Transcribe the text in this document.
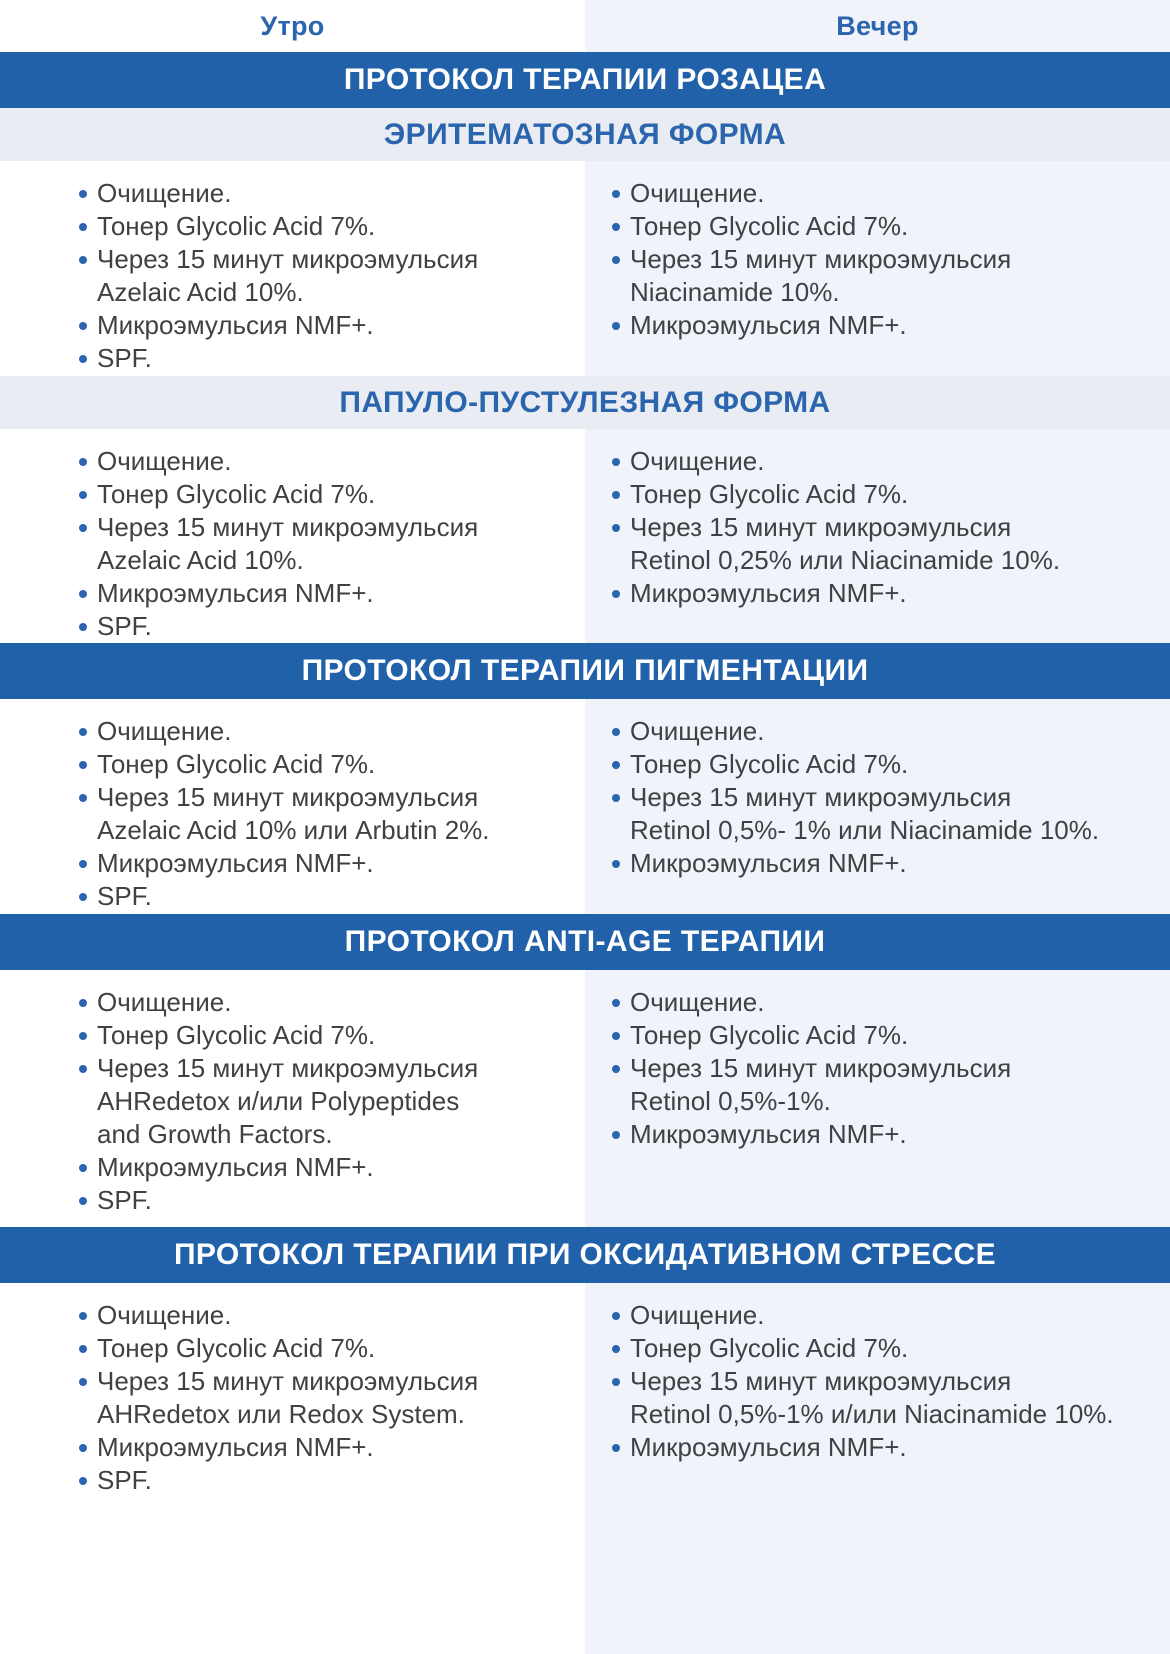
Утро	Вечер
ПРОТОКОЛ ТЕРАПИИ РОЗАЦЕА
ЭРИТЕМАТОЗНАЯ ФОРМА
Очищение.
Тонер Glycolic Acid 7%.
Через 15 минут микроэмульсия
Azelaic Acid 10%.
Микроэмульсия NMF+.
SPF.
Очищение.
Тонер Glycolic Acid 7%.
Через 15 минут микроэмульсия
Niacinamide 10%.
Микроэмульсия NMF+.
ПАПУЛО-ПУСТУЛЕЗНАЯ ФОРМА
Очищение.
Тонер Glycolic Acid 7%.
Через 15 минут микроэмульсия
Azelaic Acid 10%.
Микроэмульсия NMF+.
SPF.
Очищение.
Тонер Glycolic Acid 7%.
Через 15 минут микроэмульсия
Retinol 0,25% или Niacinamide 10%.
Микроэмульсия NMF+.
ПРОТОКОЛ ТЕРАПИИ ПИГМЕНТАЦИИ
Очищение.
Тонер Glycolic Acid 7%.
Через 15 минут микроэмульсия
Azelaic Acid 10% или Arbutin 2%.
Микроэмульсия NMF+.
SPF.
Очищение.
Тонер Glycolic Acid 7%.
Через 15 минут микроэмульсия
Retinol 0,5%- 1% или Niacinamide 10%.
Микроэмульсия NMF+.
ПРОТОКОЛ ANTI-AGE ТЕРАПИИ
Очищение.
Тонер Glycolic Acid 7%.
Через 15 минут микроэмульсия
AHRedetox и/или Polypeptides
and Growth Factors.
Микроэмульсия NMF+.
SPF.
Очищение.
Тонер Glycolic Acid 7%.
Через 15 минут микроэмульсия
Retinol 0,5%-1%.
Микроэмульсия NMF+.
ПРОТОКОЛ ТЕРАПИИ ПРИ ОКСИДАТИВНОМ СТРЕССЕ
Очищение.
Тонер Glycolic Acid 7%.
Через 15 минут микроэмульсия
AHRedetox или Redox System.
Микроэмульсия NMF+.
SPF.
Очищение.
Тонер Glycolic Acid 7%.
Через 15 минут микроэмульсия
Retinol 0,5%-1% и/или Niacinamide 10%.
Микроэмульсия NMF+.
